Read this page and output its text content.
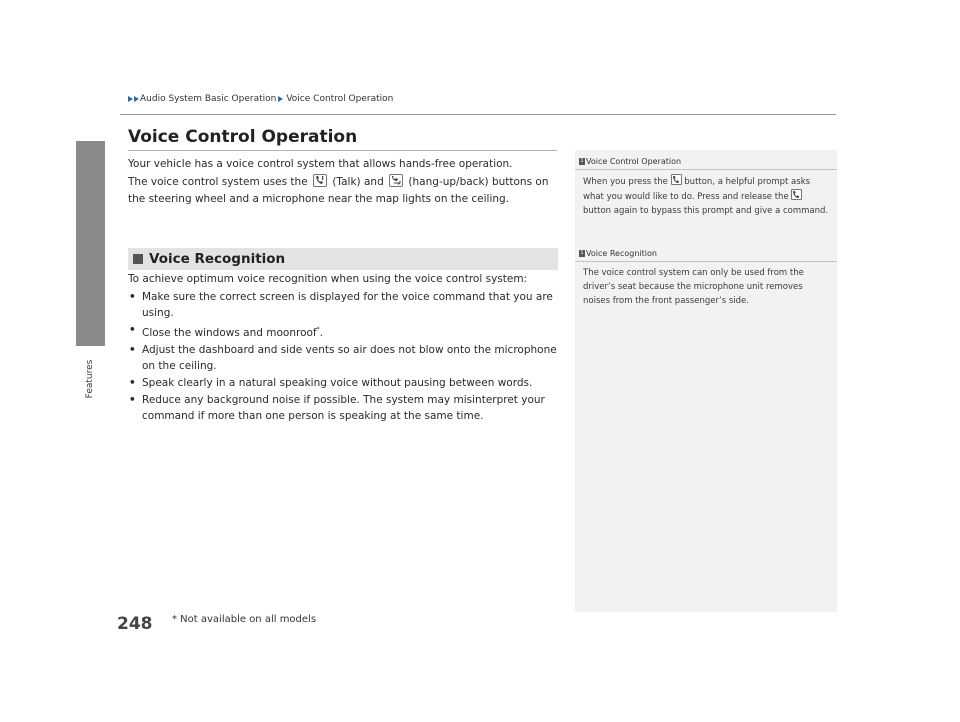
Features
Audio System Basic Operation Voice Control Operation
Voice Control Operation

Your vehicle has a voice control system that allows hands-free operation.

The voice control system uses the
(Talk) and
(hang-up/back) buttons on the steering wheel and a microphone near the map lights on the ceiling.

Voice Recognition
To achieve optimum voice recognition when using the voice control system:
• Make sure the correct screen is displayed for the voice command that you are using.
• Close the windows and moonroof*.
• Adjust the dashboard and side vents so air does not blow onto the microphone on the ceiling.
• Speak clearly in a natural speaking voice without pausing between words.
• Reduce any background noise if possible. The system may misinterpret your command if more than one person is speaking at the same time.
1 Voice Control Operation
When you press the
button, a helpful prompt asks what you would like to do. Press and release the
button again to bypass this prompt and give a command.
1 Voice Recognition
The voice control system can only be used from the driver’s seat because the microphone unit removes noises from the front passenger’s side.
248 * Not available on all models
